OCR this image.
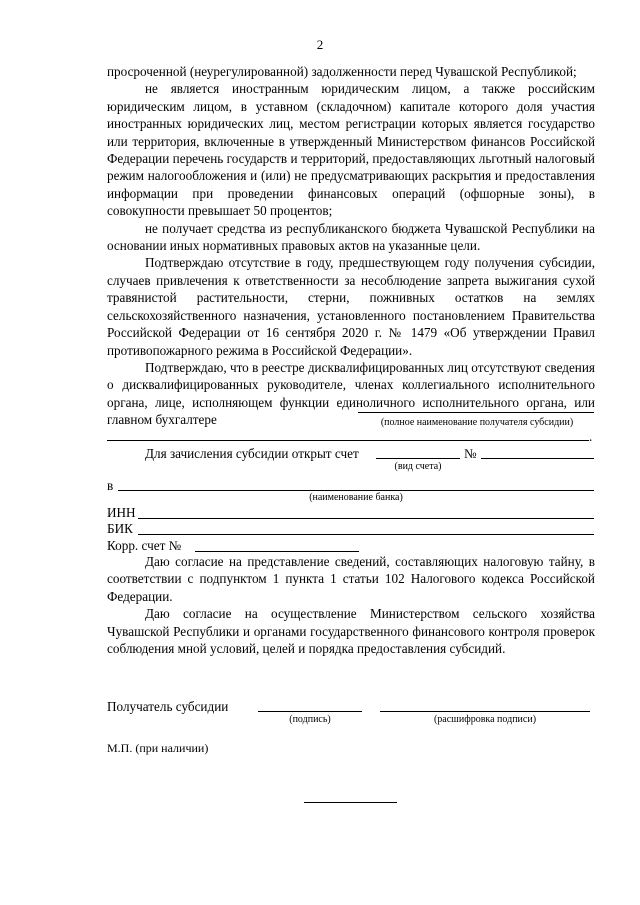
2

просроченной (неурегулированной) задолженности перед Чувашской Республикой;

не является иностранным юридическим лицом, а также российским юридическим лицом, в уставном (складочном) капитале которого доля участия иностранных юридических лиц, местом регистрации которых является государство или территория, включенные в утвержденный Министерством финансов Российской Федерации перечень государств и территорий, предоставляющих льготный налоговый режим налогообложения и (или) не предусматривающих раскрытия и предоставления информации при проведении финансовых операций (офшорные зоны), в совокупности превышает 50 процентов;

не получает средства из республиканского бюджета Чувашской Республики на основании иных нормативных правовых актов на указанные цели.

Подтверждаю отсутствие в году, предшествующем году получения субсидии, случаев привлечения к ответственности за несоблюдение запрета выжигания сухой травянистой растительности, стерни, пожнивных остатков на землях сельскохозяйственного назначения, установленного постановлением Правительства Российской Федерации от 16 сентября 2020 г. № 1479 «Об утверждении Правил противопожарного режима в Российской Федерации».

Подтверждаю, что в реестре дисквалифицированных лиц отсутствуют сведения о дисквалифицированных руководителе, членах коллегиального исполнительного органа, лице, исполняющем функции единоличного исполнительного органа, или главном бухгалтере	(полное наименование получателя субсидии)
.
Для зачисления субсидии открыт счет	№
(вид счета)
в
(наименование банка)
ИНН
БИК
Корр. счет №

Даю согласие на представление сведений, составляющих налоговую тайну, в соответствии с подпунктом 1 пункта 1 статьи 102 Налогового кодекса Российской Федерации.

Даю согласие на осуществление Министерством сельского хозяйства Чувашской Республики и органами государственного финансового контроля проверок соблюдения мной условий, целей и порядка предоставления субсидий.

Получатель субсидии
(подпись)	(расшифровка подписи)
М.П. (при наличии)
